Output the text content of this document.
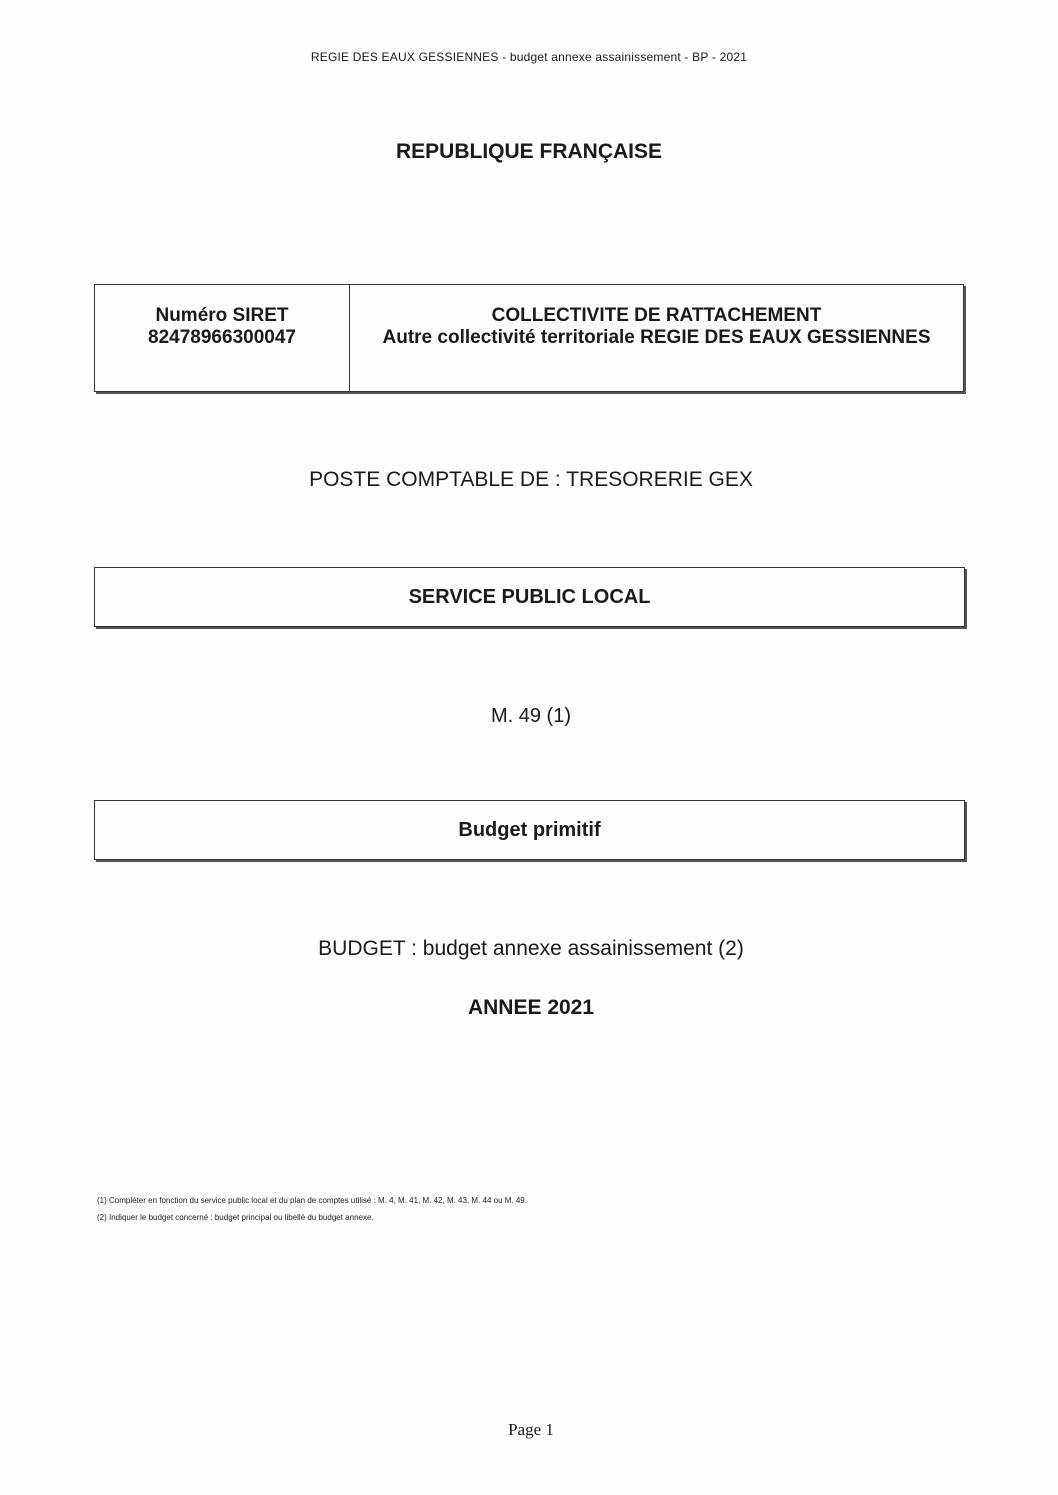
REGIE DES EAUX GESSIENNES - budget annexe assainissement - BP - 2021
REPUBLIQUE FRANÇAISE
Numéro SIRET
82478966300047
COLLECTIVITE DE RATTACHEMENT
Autre collectivité territoriale REGIE DES EAUX GESSIENNES
POSTE COMPTABLE DE : TRESORERIE GEX
SERVICE PUBLIC LOCAL
M. 49 (1)
Budget primitif
BUDGET : budget annexe assainissement (2)
ANNEE 2021
(1) Compléter en fonction du service public local et du plan de comptes utilisé : M. 4, M. 41, M. 42, M. 43, M. 44 ou M. 49.
(2) Indiquer le budget concerné : budget principal ou libellé du budget annexe.
Page 1
